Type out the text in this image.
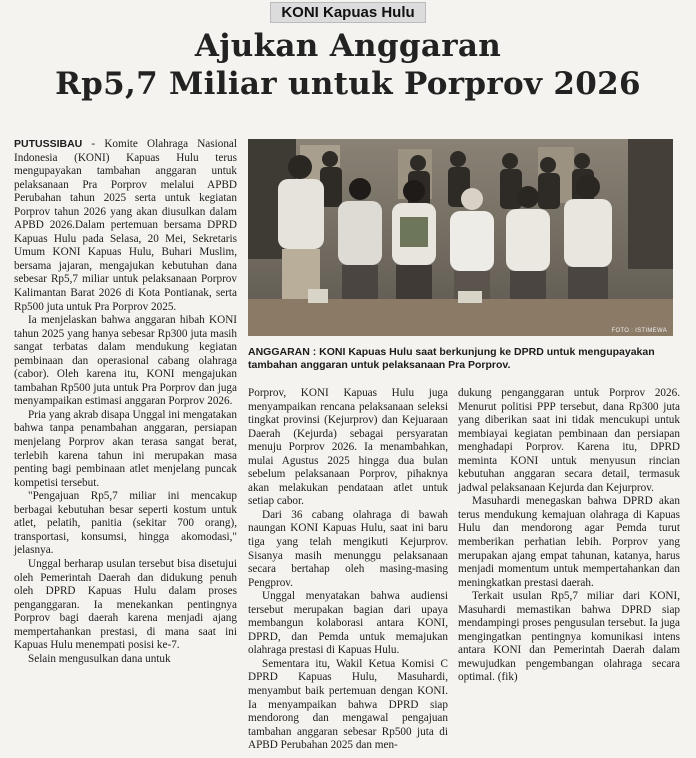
KONI Kapuas Hulu
Ajukan Anggaran
Rp5,7 Miliar untuk Porprov 2026

PUTUSSIBAU - Komite Olahraga Nasional Indonesia (KONI) Kapuas Hulu terus mengupayakan tambahan anggaran untuk pelaksanaan Pra Porprov melalui APBD Perubahan tahun 2025 serta untuk kegiatan Porprov tahun 2026 yang akan diusulkan dalam APBD 2026.Dalam pertemuan bersama DPRD Kapuas Hulu pada Selasa, 20 Mei, Sekretaris Umum KONI Kapuas Hulu, Buhari Muslim, bersama jajaran, mengajukan kebutuhan dana sebesar Rp5,7 miliar untuk pelaksanaan Porprov Kalimantan Barat 2026 di Kota Pontianak, serta Rp500 juta untuk Pra Porprov 2025.

Ia menjelaskan bahwa anggaran hibah KONI tahun 2025 yang hanya sebesar Rp300 juta masih sangat terbatas dalam mendukung kegiatan pembinaan dan operasional cabang olahraga (cabor). Oleh karena itu, KONI mengajukan tambahan Rp500 juta untuk Pra Porprov dan juga menyampaikan estimasi anggaran Porprov 2026.

Pria yang akrab disapa Unggal ini mengatakan bahwa tanpa penambahan anggaran, persiapan menjelang Porprov akan terasa sangat berat, terlebih karena tahun ini merupakan masa penting bagi pembinaan atlet menjelang puncak kompetisi tersebut.

"Pengajuan Rp5,7 miliar ini mencakup berbagai kebutuhan besar seperti kostum untuk atlet, pelatih, panitia (sekitar 700 orang), transportasi, konsumsi, hingga akomodasi," jelasnya.

Unggal berharap usulan tersebut bisa disetujui oleh Pemerintah Daerah dan didukung penuh oleh DPRD Kapuas Hulu dalam proses penganggaran. Ia menekankan pentingnya Porprov bagi daerah karena menjadi ajang mempertahankan prestasi, di mana saat ini Kapuas Hulu menempati posisi ke-7.

Selain mengusulkan dana untuk

FOTO : ISTIMEWA
ANGGARAN : KONI Kapuas Hulu saat berkunjung ke DPRD untuk mengupayakan tambahan anggaran untuk pelaksanaan Pra Porprov.

Porprov, KONI Kapuas Hulu juga menyampaikan rencana pelaksanaan seleksi tingkat provinsi (Kejurprov) dan Kejuaraan Daerah (Kejurda) sebagai persyaratan menuju Porprov 2026. Ia menambahkan, mulai Agustus 2025 hingga dua bulan sebelum pelaksanaan Porprov, pihaknya akan melakukan pendataan atlet untuk setiap cabor.

Dari 36 cabang olahraga di bawah naungan KONI Kapuas Hulu, saat ini baru tiga yang telah mengikuti Kejurprov. Sisanya masih menunggu pelaksanaan secara bertahap oleh masing-masing Pengprov.

Unggal menyatakan bahwa audiensi tersebut merupakan bagian dari upaya membangun kolaborasi antara KONI, DPRD, dan Pemda untuk memajukan olahraga prestasi di Kapuas Hulu.

Sementara itu, Wakil Ketua Komisi C DPRD Kapuas Hulu, Masuhardi, menyambut baik pertemuan dengan KONI. Ia menyampaikan bahwa DPRD siap mendorong dan mengawal pengajuan tambahan anggaran sebesar Rp500 juta di APBD Perubahan 2025 dan men-

dukung penganggaran untuk Porprov 2026. Menurut politisi PPP tersebut, dana Rp300 juta yang diberikan saat ini tidak mencukupi untuk membiayai kegiatan pembinaan dan persiapan menghadapi Porprov. Karena itu, DPRD meminta KONI untuk menyusun rincian kebutuhan anggaran secara detail, termasuk jadwal pelaksanaan Kejurda dan Kejurprov.

Masuhardi menegaskan bahwa DPRD akan terus mendukung kemajuan olahraga di Kapuas Hulu dan mendorong agar Pemda turut memberikan perhatian lebih. Porprov yang merupakan ajang empat tahunan, katanya, harus menjadi momentum untuk mempertahankan dan meningkatkan prestasi daerah.

Terkait usulan Rp5,7 miliar dari KONI, Masuhardi memastikan bahwa DPRD siap mendampingi proses pengusulan tersebut. Ia juga mengingatkan pentingnya komunikasi intens antara KONI dan Pemerintah Daerah dalam mewujudkan pengembangan olahraga secara optimal. (fik)
